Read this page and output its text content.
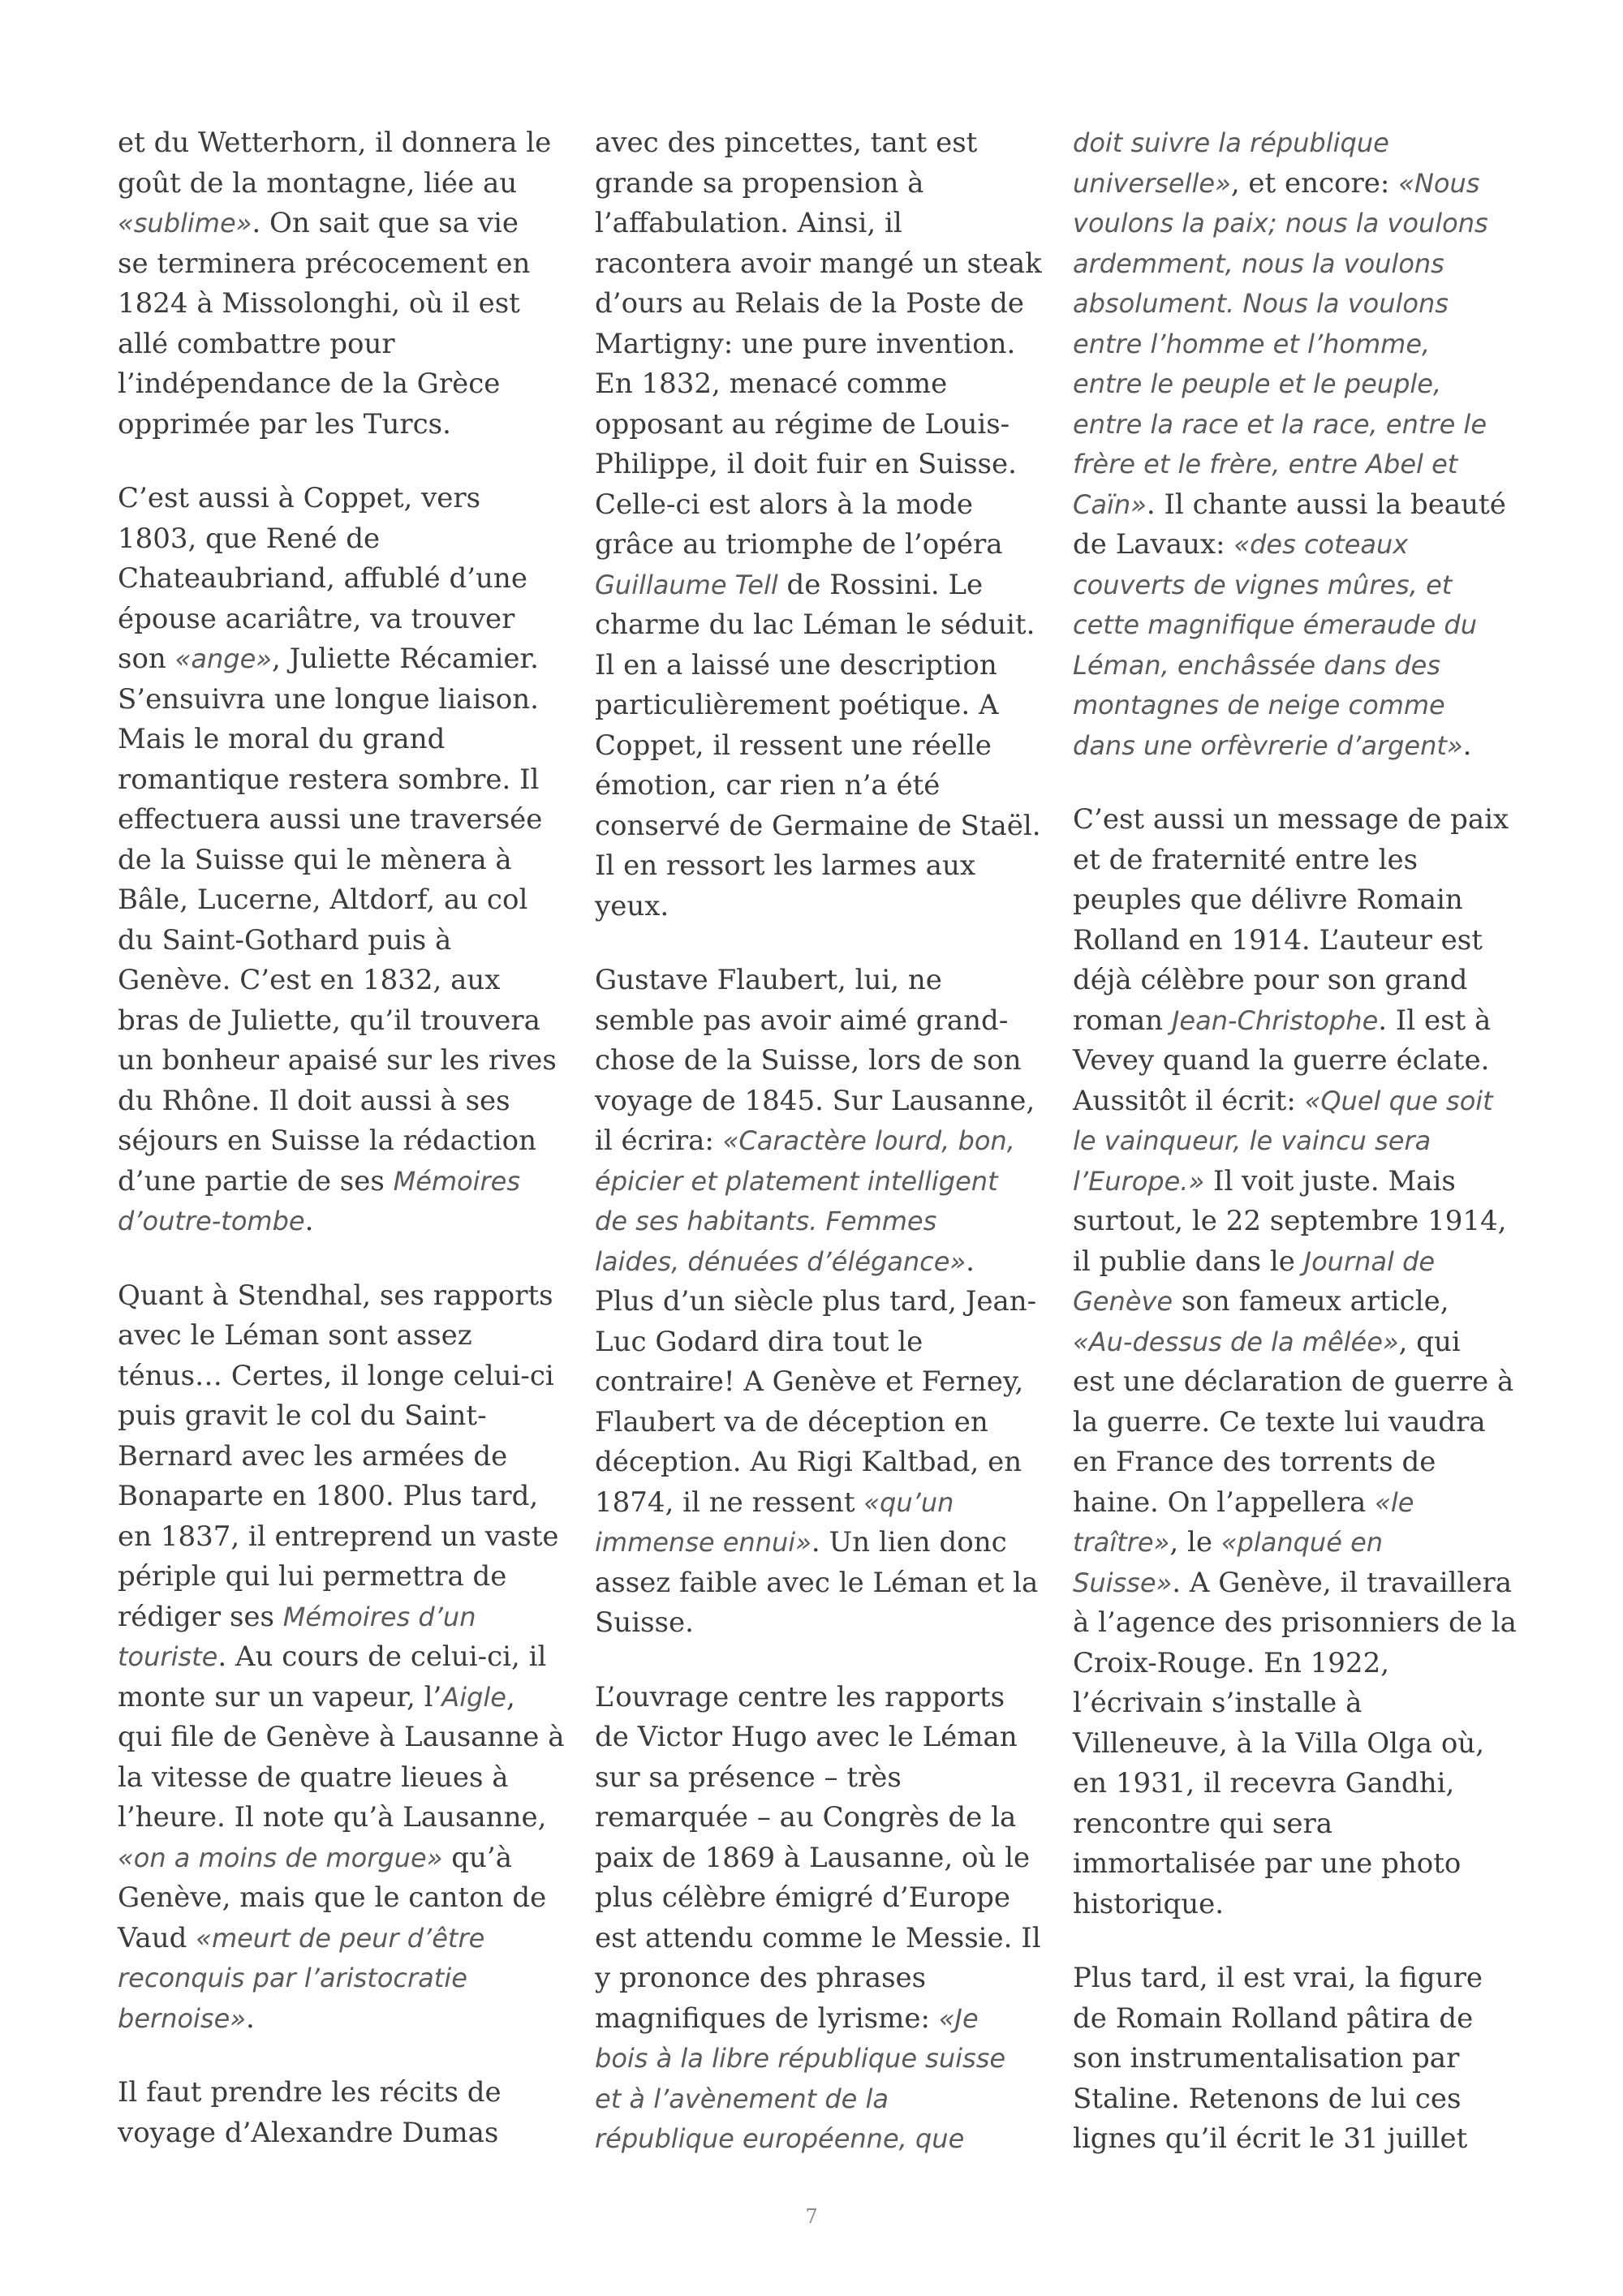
et du Wetterhorn, il donnera le
goût de la montagne, liée au
«sublime». On sait que sa vie
se terminera précocement en
1824 à Missolonghi, où il est
allé combattre pour
l’indépendance de la Grèce
opprimée par les Turcs.

C’est aussi à Coppet, vers
1803, que René de
Chateaubriand, affublé d’une
épouse acariâtre, va trouver
son «ange», Juliette Récamier.
S’ensuivra une longue liaison.
Mais le moral du grand
romantique restera sombre. Il
effectuera aussi une traversée
de la Suisse qui le mènera à
Bâle, Lucerne, Altdorf, au col
du Saint-Gothard puis à
Genève. C’est en 1832, aux
bras de Juliette, qu’il trouvera
un bonheur apaisé sur les rives
du Rhône. Il doit aussi à ses
séjours en Suisse la rédaction
d’une partie de ses Mémoires
d’outre-tombe.

Quant à Stendhal, ses rapports
avec le Léman sont assez
ténus… Certes, il longe celui-ci
puis gravit le col du Saint-
Bernard avec les armées de
Bonaparte en 1800. Plus tard,
en 1837, il entreprend un vaste
périple qui lui permettra de
rédiger ses Mémoires d’un
touriste. Au cours de celui-ci, il
monte sur un vapeur, l’Aigle,
qui file de Genève à Lausanne à
la vitesse de quatre lieues à
l’heure. Il note qu’à Lausanne,
«on a moins de morgue» qu’à
Genève, mais que le canton de
Vaud «meurt de peur d’être
reconquis par l’aristocratie
bernoise».

Il faut prendre les récits de
voyage d’Alexandre Dumas

avec des pincettes, tant est
grande sa propension à
l’affabulation. Ainsi, il
racontera avoir mangé un steak
d’ours au Relais de la Poste de
Martigny: une pure invention.
En 1832, menacé comme
opposant au régime de Louis-
Philippe, il doit fuir en Suisse.
Celle-ci est alors à la mode
grâce au triomphe de l’opéra
Guillaume Tell de Rossini. Le
charme du lac Léman le séduit.
Il en a laissé une description
particulièrement poétique. A
Coppet, il ressent une réelle
émotion, car rien n’a été
conservé de Germaine de Staël.
Il en ressort les larmes aux
yeux.

Gustave Flaubert, lui, ne
semble pas avoir aimé grand-
chose de la Suisse, lors de son
voyage de 1845. Sur Lausanne,
il écrira: «Caractère lourd, bon,
épicier et platement intelligent
de ses habitants. Femmes
laides, dénuées d’élégance».
Plus d’un siècle plus tard, Jean-
Luc Godard dira tout le
contraire! A Genève et Ferney,
Flaubert va de déception en
déception. Au Rigi Kaltbad, en
1874, il ne ressent «qu’un
immense ennui». Un lien donc
assez faible avec le Léman et la
Suisse.

L’ouvrage centre les rapports
de Victor Hugo avec le Léman
sur sa présence – très
remarquée – au Congrès de la
paix de 1869 à Lausanne, où le
plus célèbre émigré d’Europe
est attendu comme le Messie. Il
y prononce des phrases
magnifiques de lyrisme: «Je
bois à la libre république suisse
et à l’avènement de la
république européenne, que

doit suivre la république
universelle», et encore: «Nous
voulons la paix; nous la voulons
ardemment, nous la voulons
absolument. Nous la voulons
entre l’homme et l’homme,
entre le peuple et le peuple,
entre la race et la race, entre le
frère et le frère, entre Abel et
Caïn». Il chante aussi la beauté
de Lavaux: «des coteaux
couverts de vignes mûres, et
cette magnifique émeraude du
Léman, enchâssée dans des
montagnes de neige comme
dans une orfèvrerie d’argent».

C’est aussi un message de paix
et de fraternité entre les
peuples que délivre Romain
Rolland en 1914. L’auteur est
déjà célèbre pour son grand
roman Jean-Christophe. Il est à
Vevey quand la guerre éclate.
Aussitôt il écrit: «Quel que soit
le vainqueur, le vaincu sera
l’Europe.» Il voit juste. Mais
surtout, le 22 septembre 1914,
il publie dans le Journal de
Genève son fameux article,
«Au-dessus de la mêlée», qui
est une déclaration de guerre à
la guerre. Ce texte lui vaudra
en France des torrents de
haine. On l’appellera «le
traître», le «planqué en
Suisse». A Genève, il travaillera
à l’agence des prisonniers de la
Croix-Rouge. En 1922,
l’écrivain s’installe à
Villeneuve, à la Villa Olga où,
en 1931, il recevra Gandhi,
rencontre qui sera
immortalisée par une photo
historique.

Plus tard, il est vrai, la figure
de Romain Rolland pâtira de
son instrumentalisation par
Staline. Retenons de lui ces
lignes qu’il écrit le 31 juillet

7
